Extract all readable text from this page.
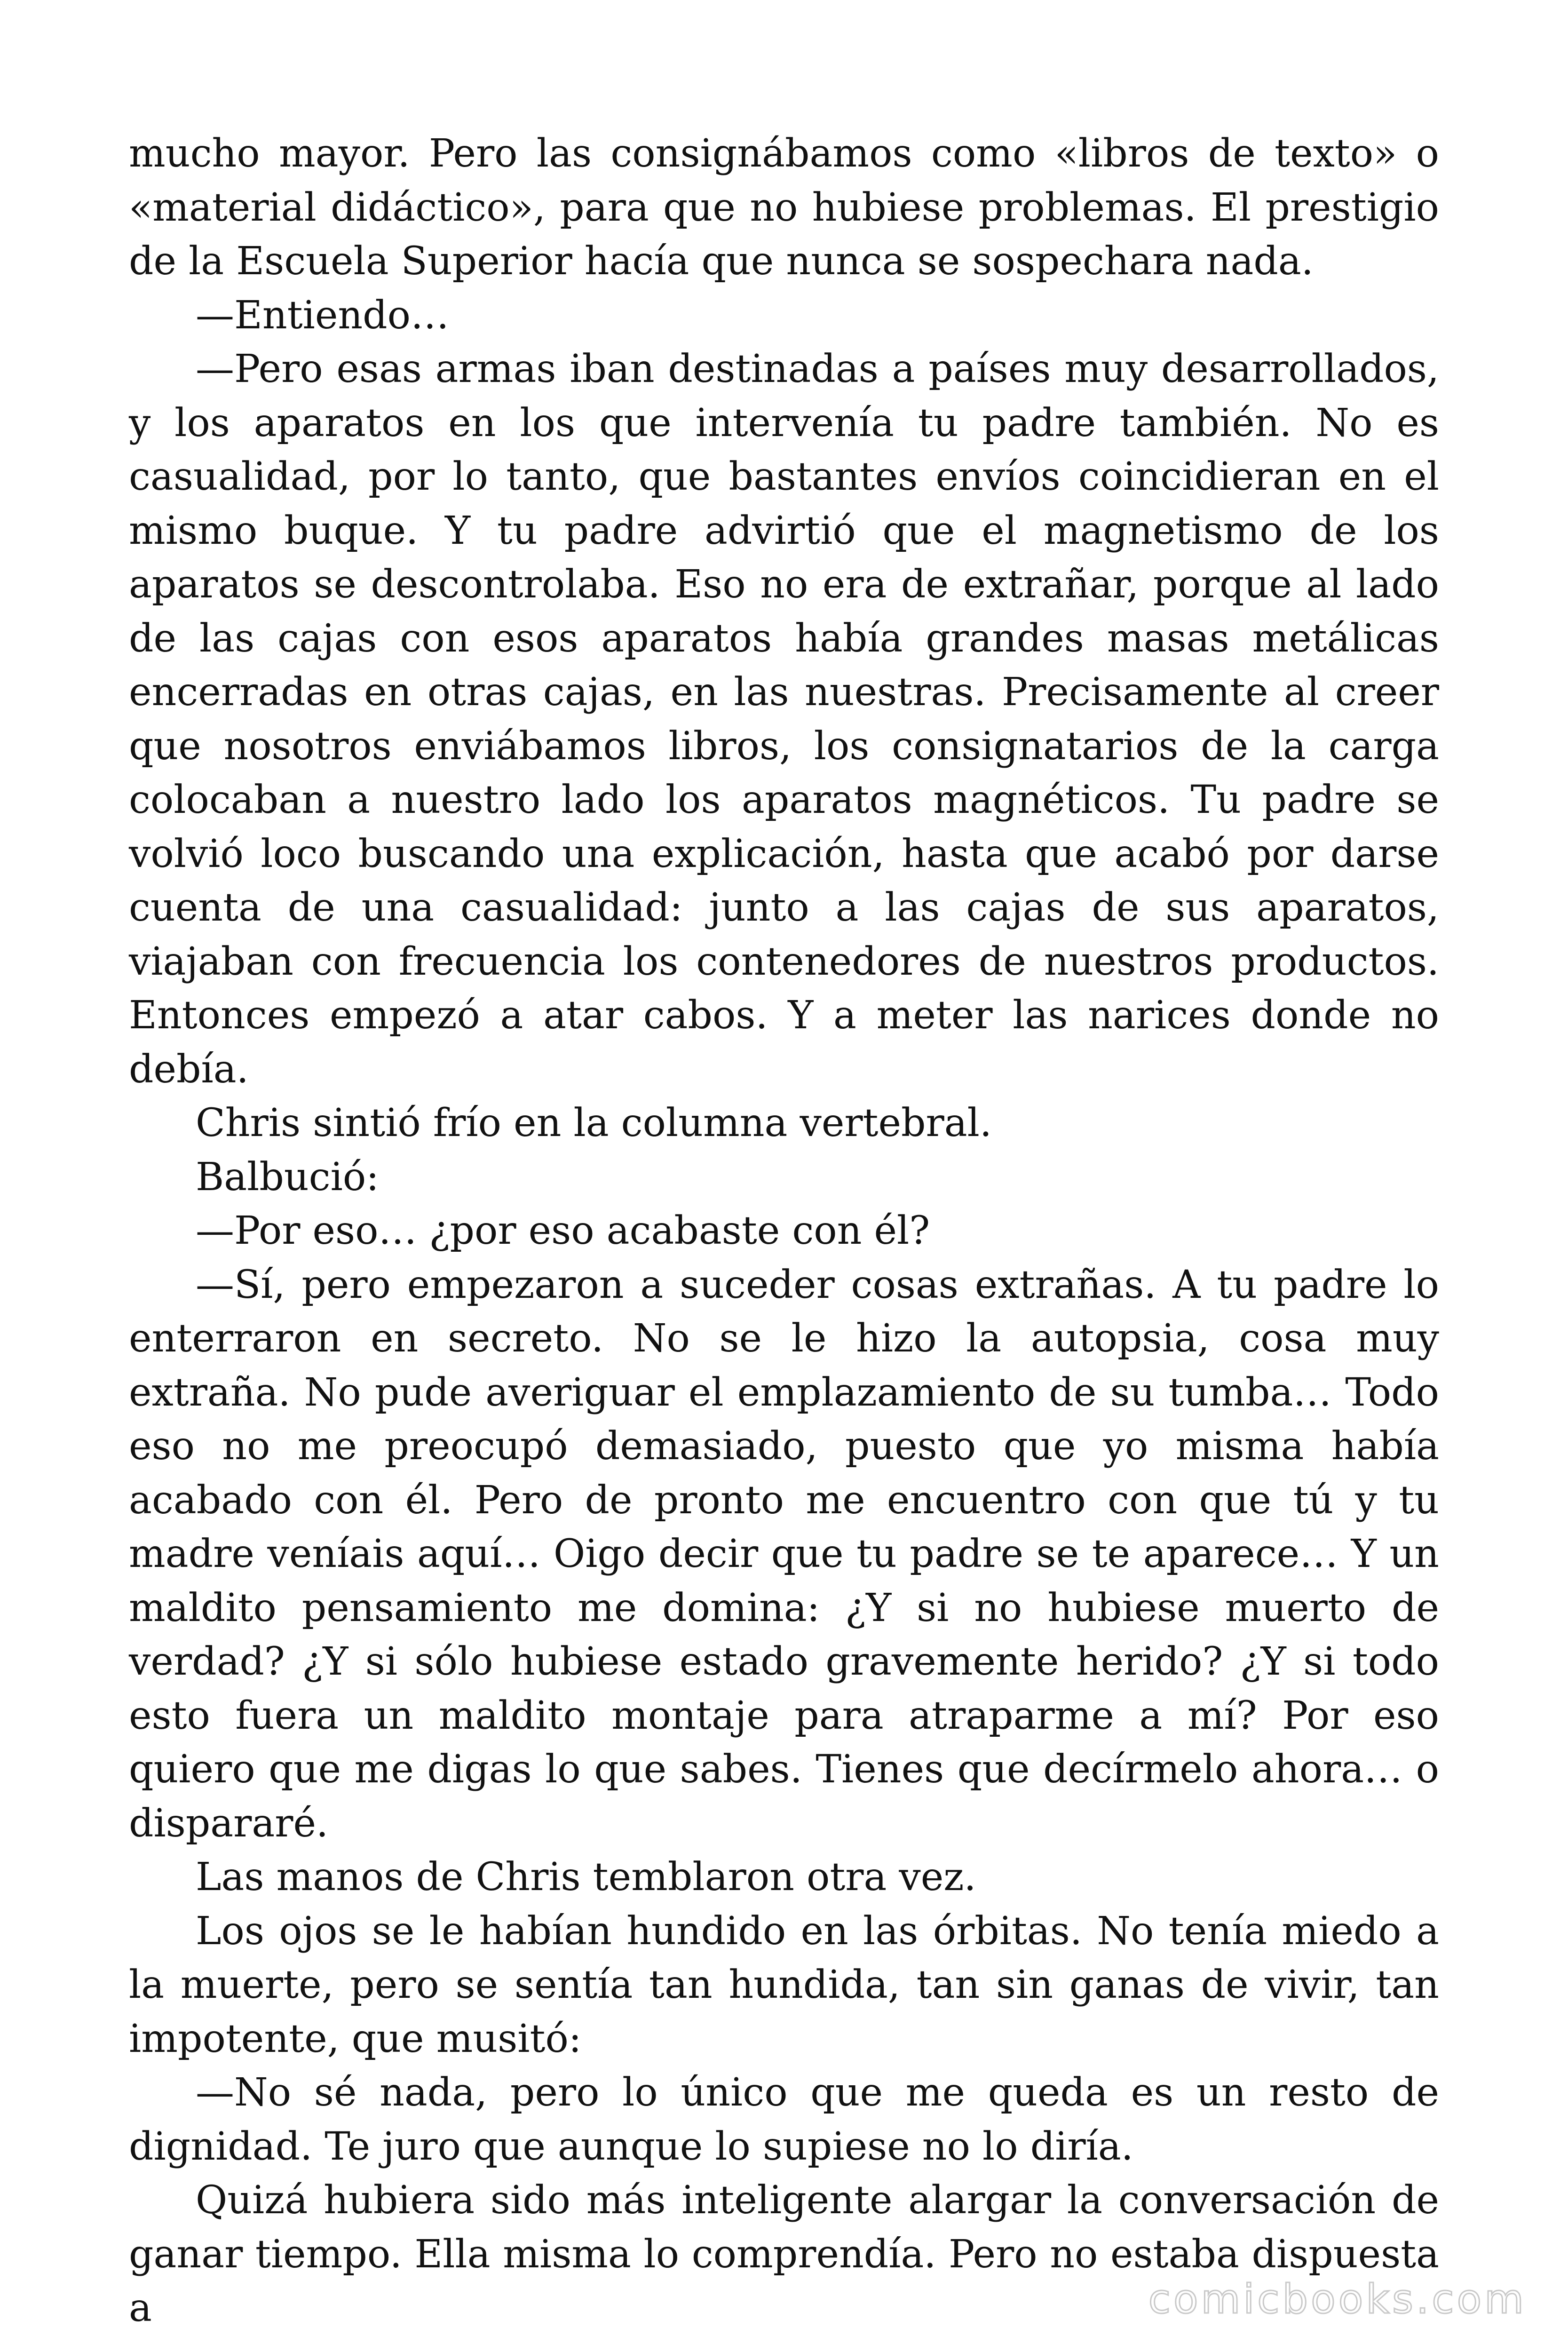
mucho mayor. Pero las consignábamos como «libros de texto» o «material didáctico», para que no hubiese problemas. El prestigio de la Escuela Superior hacía que nunca se sospechara nada.

—Entiendo…

—Pero esas armas iban destinadas a países muy desarrollados, y los aparatos en los que intervenía tu padre también. No es casualidad, por lo tanto, que bastantes envíos coincidieran en el mismo buque. Y tu padre advirtió que el magnetismo de los aparatos se descontrolaba. Eso no era de extrañar, porque al lado de las cajas con esos aparatos había grandes masas metálicas encerradas en otras cajas, en las nuestras. Precisamente al creer que nosotros enviábamos libros, los consignatarios de la carga colocaban a nuestro lado los aparatos magnéticos. Tu padre se volvió loco buscando una explicación, hasta que acabó por darse cuenta de una casualidad: junto a las cajas de sus aparatos, viajaban con frecuencia los contenedores de nuestros productos. Entonces empezó a atar cabos. Y a meter las narices donde no debía.

Chris sintió frío en la columna vertebral.

Balbució:

—Por eso… ¿por eso acabaste con él?

—Sí, pero empezaron a suceder cosas extrañas. A tu padre lo enterraron en secreto. No se le hizo la autopsia, cosa muy extraña. No pude averiguar el emplazamiento de su tumba… Todo eso no me preocupó demasiado, puesto que yo misma había acabado con él. Pero de pronto me encuentro con que tú y tu madre veníais aquí… Oigo decir que tu padre se te aparece… Y un maldito pensamiento me domina: ¿Y si no hubiese muerto de verdad? ¿Y si sólo hubiese estado gravemente herido? ¿Y si todo esto fuera un maldito montaje para atraparme a mí? Por eso quiero que me digas lo que sabes. Tienes que decírmelo ahora… o dispararé.

Las manos de Chris temblaron otra vez.

Los ojos se le habían hundido en las órbitas. No tenía miedo a la muerte, pero se sentía tan hundida, tan sin ganas de vivir, tan impotente, que musitó:

—No sé nada, pero lo único que me queda es un resto de dignidad. Te juro que aunque lo supiese no lo diría.

Quizá hubiera sido más inteligente alargar la conversación de ganar tiempo. Ella misma lo comprendía. Pero no estaba dispuesta a	comicbooks.com
